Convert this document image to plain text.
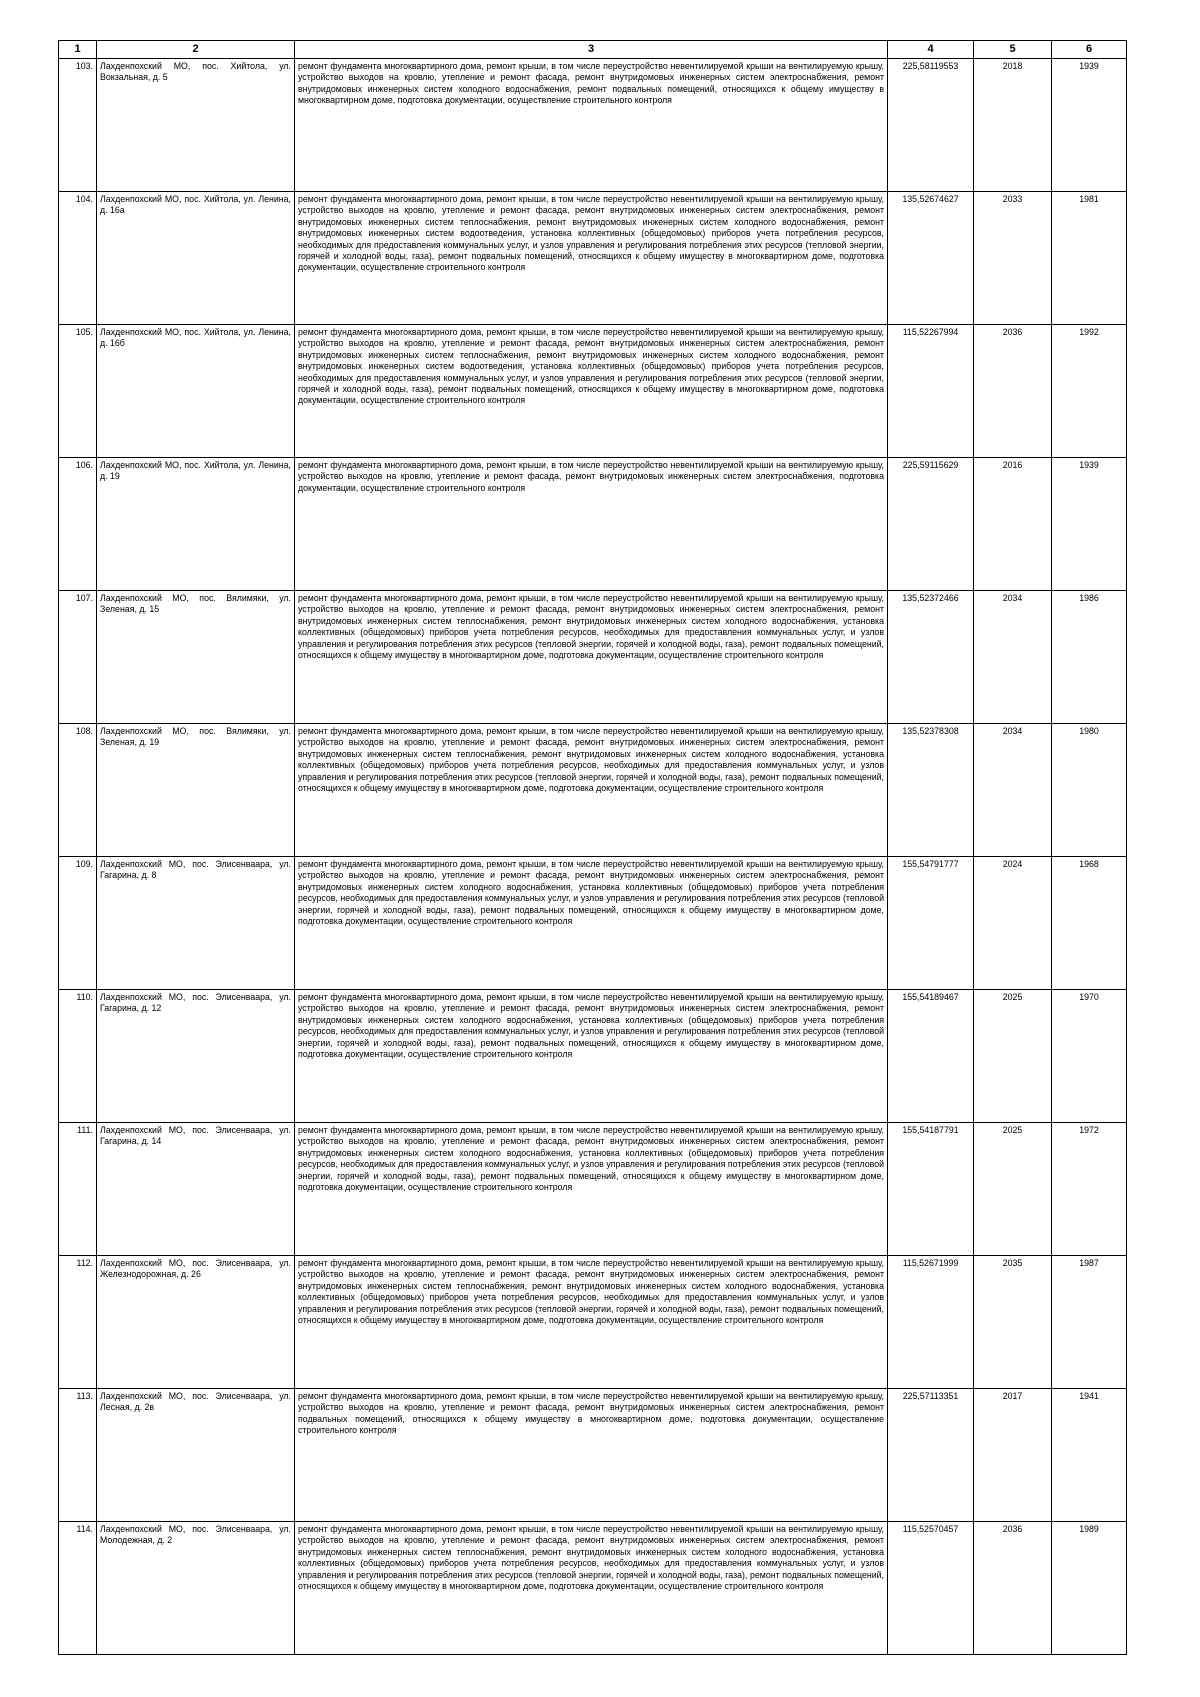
1	2	3	4	5	6
103.	Лахденпохский МО, пос. Хийтола, ул. Вокзальная, д. 5	ремонт фундамента многоквартирного дома, ремонт крыши, в том числе переустройство невентилируемой крыши на вентилируемую крышу, устройство выходов на кровлю, утепление и ремонт фасада, ремонт внутридомовых инженерных систем электроснабжения, ремонт внутридомовых инженерных систем холодного водоснабжения, ремонт подвальных помещений, относящихся к общему имуществу в многоквартирном доме, подготовка документации, осуществление строительного контроля	225,58119553	2018	1939
104.	Лахденпохский МО, пос. Хийтола, ул. Ленина, д. 16а	ремонт фундамента многоквартирного дома, ремонт крыши, в том числе переустройство невентилируемой крыши на вентилируемую крышу, устройство выходов на кровлю, утепление и ремонт фасада, ремонт внутридомовых инженерных систем электроснабжения, ремонт внутридомовых инженерных систем теплоснабжения, ремонт внутридомовых инженерных систем холодного водоснабжения, ремонт внутридомовых инженерных систем водоотведения, установка коллективных (общедомовых) приборов учета потребления ресурсов, необходимых для предоставления коммунальных услуг, и узлов управления и регулирования потребления этих ресурсов (тепловой энергии, горячей и холодной воды, газа), ремонт подвальных помещений, относящихся к общему имуществу в многоквартирном доме, подготовка документации, осуществление строительного контроля	135,52674627	2033	1981
105.	Лахденпохский МО, пос. Хийтола, ул. Ленина, д. 16б	ремонт фундамента многоквартирного дома, ремонт крыши, в том числе переустройство невентилируемой крыши на вентилируемую крышу, устройство выходов на кровлю, утепление и ремонт фасада, ремонт внутридомовых инженерных систем электроснабжения, ремонт внутридомовых инженерных систем теплоснабжения, ремонт внутридомовых инженерных систем холодного водоснабжения, ремонт внутридомовых инженерных систем водоотведения, установка коллективных (общедомовых) приборов учета потребления ресурсов, необходимых для предоставления коммунальных услуг, и узлов управления и регулирования потребления этих ресурсов (тепловой энергии, горячей и холодной воды, газа), ремонт подвальных помещений, относящихся к общему имуществу в многоквартирном доме, подготовка документации, осуществление строительного контроля	115,52267994	2036	1992
106.	Лахденпохский МО, пос. Хийтола, ул. Ленина, д. 19	ремонт фундамента многоквартирного дома, ремонт крыши, в том числе переустройство невентилируемой крыши на вентилируемую крышу, устройство выходов на кровлю, утепление и ремонт фасада, ремонт внутридомовых инженерных систем электроснабжения, подготовка документации, осуществление строительного контроля	225,59115629	2016	1939
107.	Лахденпохский МО, пос. Вялимяки, ул. Зеленая, д. 15	ремонт фундамента многоквартирного дома, ремонт крыши, в том числе переустройство невентилируемой крыши на вентилируемую крышу, устройство выходов на кровлю, утепление и ремонт фасада, ремонт внутридомовых инженерных систем электроснабжения, ремонт внутридомовых инженерных систем теплоснабжения, ремонт внутридомовых инженерных систем холодного водоснабжения, установка коллективных (общедомовых) приборов учета потребления ресурсов, необходимых для предоставления коммунальных услуг, и узлов управления и регулирования потребления этих ресурсов (тепловой энергии, горячей и холодной воды, газа), ремонт подвальных помещений, относящихся к общему имуществу в многоквартирном доме, подготовка документации, осуществление строительного контроля	135,52372466	2034	1986
108.	Лахденпохский МО, пос. Вялимяки, ул. Зеленая, д. 19	ремонт фундамента многоквартирного дома, ремонт крыши, в том числе переустройство невентилируемой крыши на вентилируемую крышу, устройство выходов на кровлю, утепление и ремонт фасада, ремонт внутридомовых инженерных систем электроснабжения, ремонт внутридомовых инженерных систем теплоснабжения, ремонт внутридомовых инженерных систем холодного водоснабжения, установка коллективных (общедомовых) приборов учета потребления ресурсов, необходимых для предоставления коммунальных услуг, и узлов управления и регулирования потребления этих ресурсов (тепловой энергии, горячей и холодной воды, газа), ремонт подвальных помещений, относящихся к общему имуществу в многоквартирном доме, подготовка документации, осуществление строительного контроля	135,52378308	2034	1980
109.	Лахденпохский МО, пос. Элисенваара, ул. Гагарина, д. 8	ремонт фундамента многоквартирного дома, ремонт крыши, в том числе переустройство невентилируемой крыши на вентилируемую крышу, устройство выходов на кровлю, утепление и ремонт фасада, ремонт внутридомовых инженерных систем электроснабжения, ремонт внутридомовых инженерных систем холодного водоснабжения, установка коллективных (общедомовых) приборов учета потребления ресурсов, необходимых для предоставления коммунальных услуг, и узлов управления и регулирования потребления этих ресурсов (тепловой энергии, горячей и холодной воды, газа), ремонт подвальных помещений, относящихся к общему имуществу в многоквартирном доме, подготовка документации, осуществление строительного контроля	155,54791777	2024	1968
110.	Лахденпохский МО, пос. Элисенваара, ул. Гагарина, д. 12	ремонт фундамента многоквартирного дома, ремонт крыши, в том числе переустройство невентилируемой крыши на вентилируемую крышу, устройство выходов на кровлю, утепление и ремонт фасада, ремонт внутридомовых инженерных систем электроснабжения, ремонт внутридомовых инженерных систем холодного водоснабжения, установка коллективных (общедомовых) приборов учета потребления ресурсов, необходимых для предоставления коммунальных услуг, и узлов управления и регулирования потребления этих ресурсов (тепловой энергии, горячей и холодной воды, газа), ремонт подвальных помещений, относящихся к общему имуществу в многоквартирном доме, подготовка документации, осуществление строительного контроля	155,54189467	2025	1970
111.	Лахденпохский МО, пос. Элисенваара, ул. Гагарина, д. 14	ремонт фундамента многоквартирного дома, ремонт крыши, в том числе переустройство невентилируемой крыши на вентилируемую крышу, устройство выходов на кровлю, утепление и ремонт фасада, ремонт внутридомовых инженерных систем электроснабжения, ремонт внутридомовых инженерных систем холодного водоснабжения, установка коллективных (общедомовых) приборов учета потребления ресурсов, необходимых для предоставления коммунальных услуг, и узлов управления и регулирования потребления этих ресурсов (тепловой энергии, горячей и холодной воды, газа), ремонт подвальных помещений, относящихся к общему имуществу в многоквартирном доме, подготовка документации, осуществление строительного контроля	155,54187791	2025	1972
112.	Лахденпохский МО, пос. Элисенваара, ул. Железнодорожная, д. 26	ремонт фундамента многоквартирного дома, ремонт крыши, в том числе переустройство невентилируемой крыши на вентилируемую крышу, устройство выходов на кровлю, утепление и ремонт фасада, ремонт внутридомовых инженерных систем электроснабжения, ремонт внутридомовых инженерных систем теплоснабжения, ремонт внутридомовых инженерных систем холодного водоснабжения, установка коллективных (общедомовых) приборов учета потребления ресурсов, необходимых для предоставления коммунальных услуг, и узлов управления и регулирования потребления этих ресурсов (тепловой энергии, горячей и холодной воды, газа), ремонт подвальных помещений, относящихся к общему имуществу в многоквартирном доме, подготовка документации, осуществление строительного контроля	115,52671999	2035	1987
113.	Лахденпохский МО, пос. Элисенваара, ул. Лесная, д. 2в	ремонт фундамента многоквартирного дома, ремонт крыши, в том числе переустройство невентилируемой крыши на вентилируемую крышу, устройство выходов на кровлю, утепление и ремонт фасада, ремонт внутридомовых инженерных систем электроснабжения, ремонт подвальных помещений, относящихся к общему имуществу в многоквартирном доме, подготовка документации, осуществление строительного контроля	225,57113351	2017	1941
114.	Лахденпохский МО, пос. Элисенваара, ул. Молодежная, д. 2	ремонт фундамента многоквартирного дома, ремонт крыши, в том числе переустройство невентилируемой крыши на вентилируемую крышу, устройство выходов на кровлю, утепление и ремонт фасада, ремонт внутридомовых инженерных систем электроснабжения, ремонт внутридомовых инженерных систем теплоснабжения, ремонт внутридомовых инженерных систем холодного водоснабжения, установка коллективных (общедомовых) приборов учета потребления ресурсов, необходимых для предоставления коммунальных услуг, и узлов управления и регулирования потребления этих ресурсов (тепловой энергии, горячей и холодной воды, газа), ремонт подвальных помещений, относящихся к общему имуществу в многоквартирном доме, подготовка документации, осуществление строительного контроля	115,52570457	2036	1989
